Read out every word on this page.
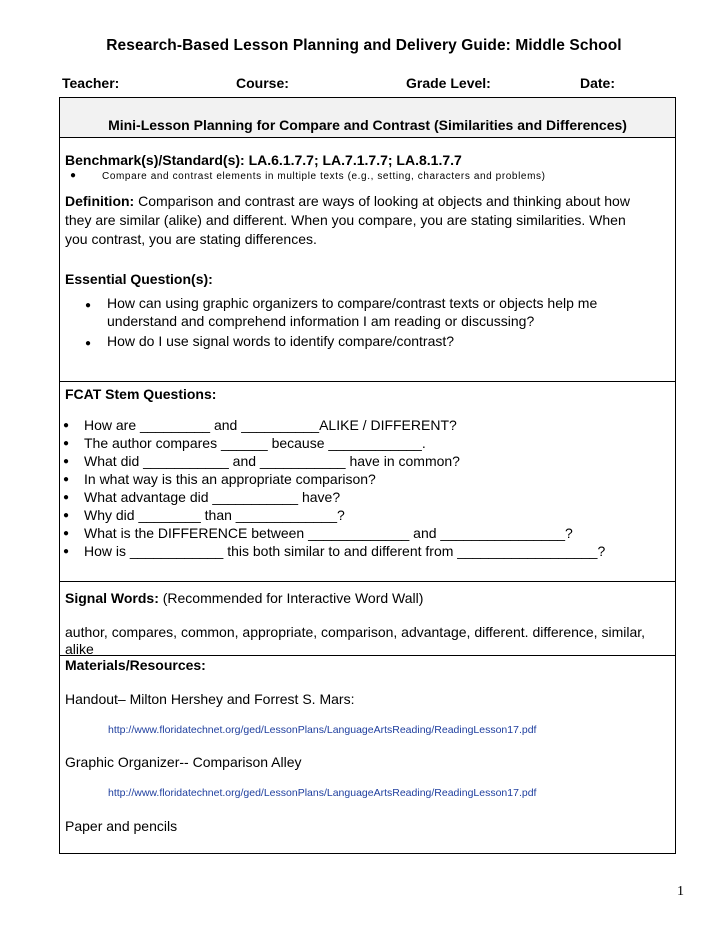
Research-Based Lesson Planning and Delivery Guide: Middle School
Teacher:	Course:	Grade Level:	Date:
Mini-Lesson Planning for Compare and Contrast (Similarities and Differences)
Benchmark(s)/Standard(s): LA.6.1.7.7; LA.7.1.7.7; LA.8.1.7.7
●	Compare and contrast elements in multiple texts (e.g., setting, characters and problems)
Definition: Comparison and contrast are ways of looking at objects and thinking about how
they are similar (alike) and different. When you compare, you are stating similarities. When
you contrast, you are stating differences.
Essential Question(s):
● How can using graphic organizers to compare/contrast texts or objects help me
understand and comprehend information I am reading or discussing?
● How do I use signal words to identify compare/contrast?
FCAT Stem Questions:
● How are _________ and __________ALIKE / DIFFERENT?
● The author compares ______ because ____________.
● What did ___________ and ___________ have in common?
● In what way is this an appropriate comparison?
● What advantage did ___________ have?
● Why did ________ than _____________?
● What is the DIFFERENCE between _____________ and ________________?
● How is ____________ this both similar to and different from __________________?
Signal Words: (Recommended for Interactive Word Wall)
author, compares, common, appropriate, comparison, advantage, different. difference, similar,
alike
Materials/Resources:
Handout– Milton Hershey and Forrest S. Mars:
http://www.floridatechnet.org/ged/LessonPlans/LanguageArtsReading/ReadingLesson17.pdf
Graphic Organizer-- Comparison Alley
http://www.floridatechnet.org/ged/LessonPlans/LanguageArtsReading/ReadingLesson17.pdf
Paper and pencils
1
